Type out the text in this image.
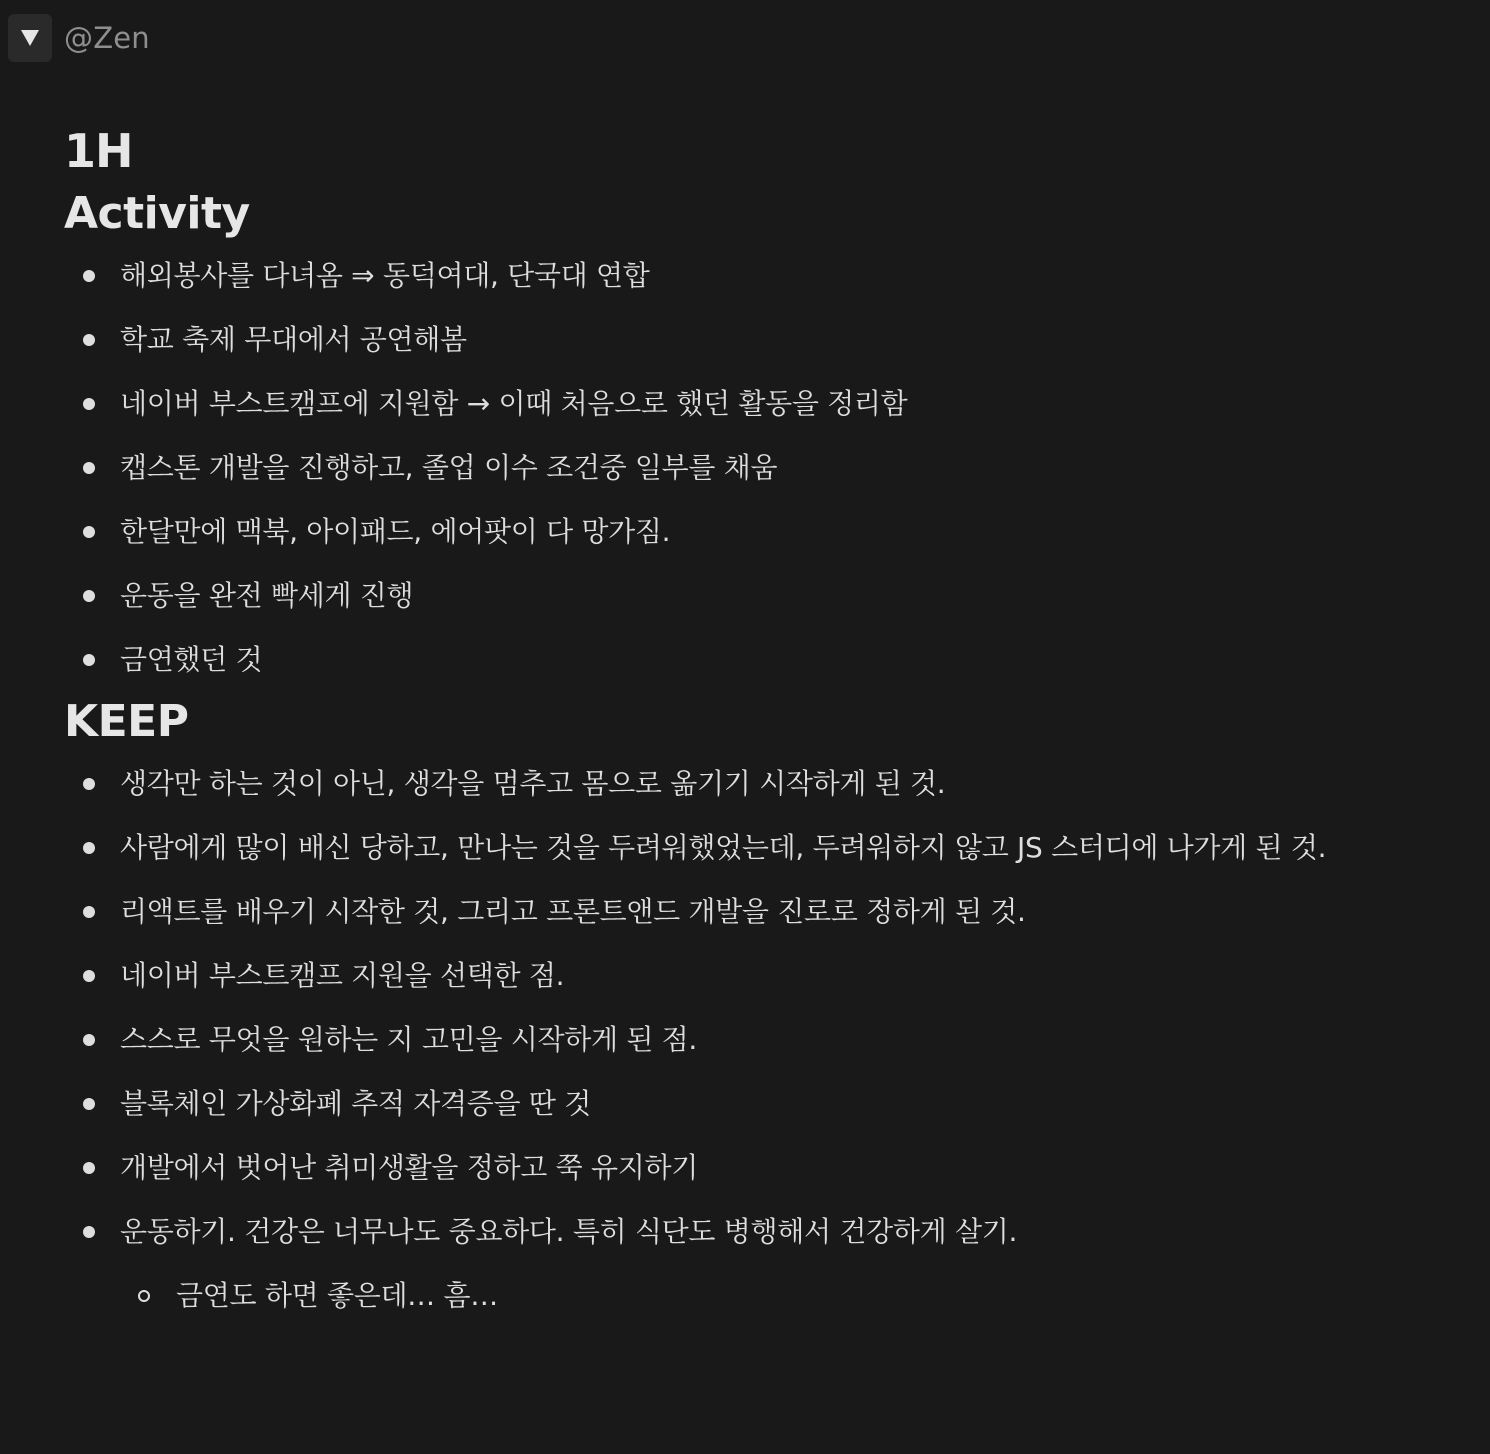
@Zen
1H
Activity
해외봉사를 다녀옴 ⇒ 동덕여대, 단국대 연합
학교 축제 무대에서 공연해봄
네이버 부스트캠프에 지원함 → 이때 처음으로 했던 활동을 정리함
캡스톤 개발을 진행하고, 졸업 이수 조건중 일부를 채움
한달만에 맥북, 아이패드, 에어팟이 다 망가짐.
운동을 완전 빡세게 진행
금연했던 것
KEEP
생각만 하는 것이 아닌, 생각을 멈추고 몸으로 옮기기 시작하게 된 것.
사람에게 많이 배신 당하고, 만나는 것을 두려워했었는데, 두려워하지 않고 JS 스터디에 나가게 된 것.
리액트를 배우기 시작한 것, 그리고 프론트앤드 개발을 진로로 정하게 된 것.
네이버 부스트캠프 지원을 선택한 점.
스스로 무엇을 원하는 지 고민을 시작하게 된 점.
블록체인 가상화폐 추적 자격증을 딴 것
개발에서 벗어난 취미생활을 정하고 쭉 유지하기
운동하기. 건강은 너무나도 중요하다. 특히 식단도 병행해서 건강하게 살기.
금연도 하면 좋은데… 흠…
